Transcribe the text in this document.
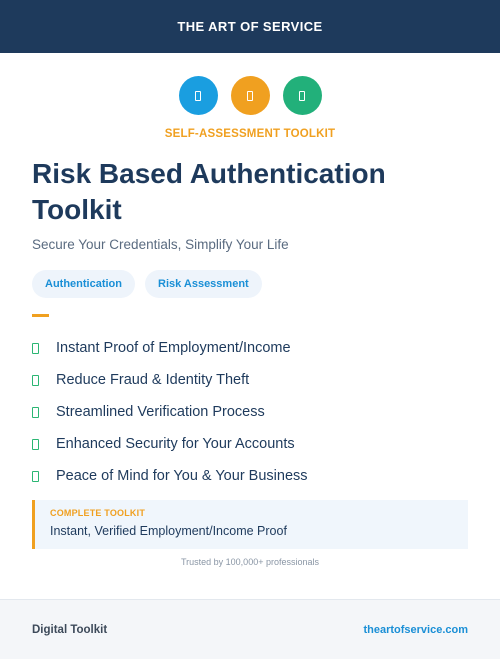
THE ART OF SERVICE
SELF-ASSESSMENT TOOLKIT
Risk Based Authentication Toolkit
Secure Your Credentials, Simplify Your Life
Authentication	Risk Assessment
Instant Proof of Employment/Income
Reduce Fraud & Identity Theft
Streamlined Verification Process
Enhanced Security for Your Accounts
Peace of Mind for You & Your Business
COMPLETE TOOLKIT
Instant, Verified Employment/Income Proof
Trusted by 100,000+ professionals
Digital Toolkit	theartofservice.com
